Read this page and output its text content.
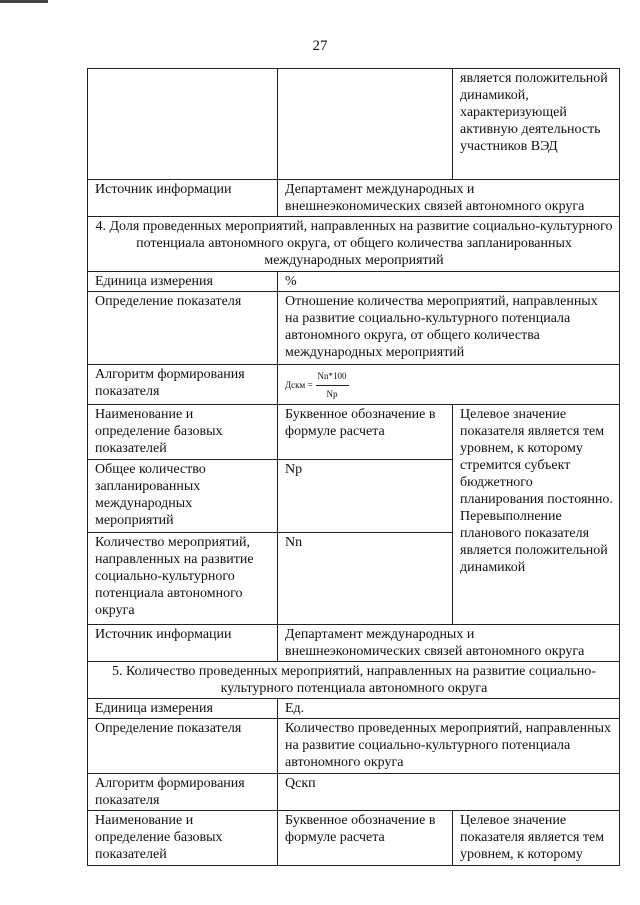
27
		является положительной динамикой, характеризующей активную деятельность участников ВЭД
Источник информации	Департамент международных и внешнеэкономических связей автономного округа	
4. Доля проведенных мероприятий, направленных на развитие социально-культурного потенциала автономного округа, от общего количества запланированных международных мероприятий		
Единица измерения	%	
Определение показателя	Отношение количества мероприятий, направленных на развитие социально-культурного потенциала автономного округа, от общего количества международных мероприятий	
Алгоритм формирования показателя	Дскм = $\frac{Nn*100}{Np}$

Наименование и определение базовых показателей	Буквенное обозначение в формуле расчета	Целевое значение показателя является тем уровнем, к которому стремится субъект бюджетного планирования постоянно. Перевыполнение планового показателя является положительной динамикой
Общее количество запланированных международных мероприятий	Np	
Количество мероприятий, направленных на развитие социально-культурного потенциала автономного округа	Nn	
Источник информации	Департамент международных и внешнеэкономических связей автономного округа	
5. Количество проведенных мероприятий, направленных на развитие социально-культурного потенциала автономного округа		
Единица измерения	Ед.	
Определение показателя	Количество проведенных мероприятий, направленных на развитие социально-культурного потенциала автономного округа	
Алгоритм формирования показателя	Qскп	
Наименование и определение базовых показателей	Буквенное обозначение в формуле расчета	Целевое значение показателя является тем уровнем, к которому
